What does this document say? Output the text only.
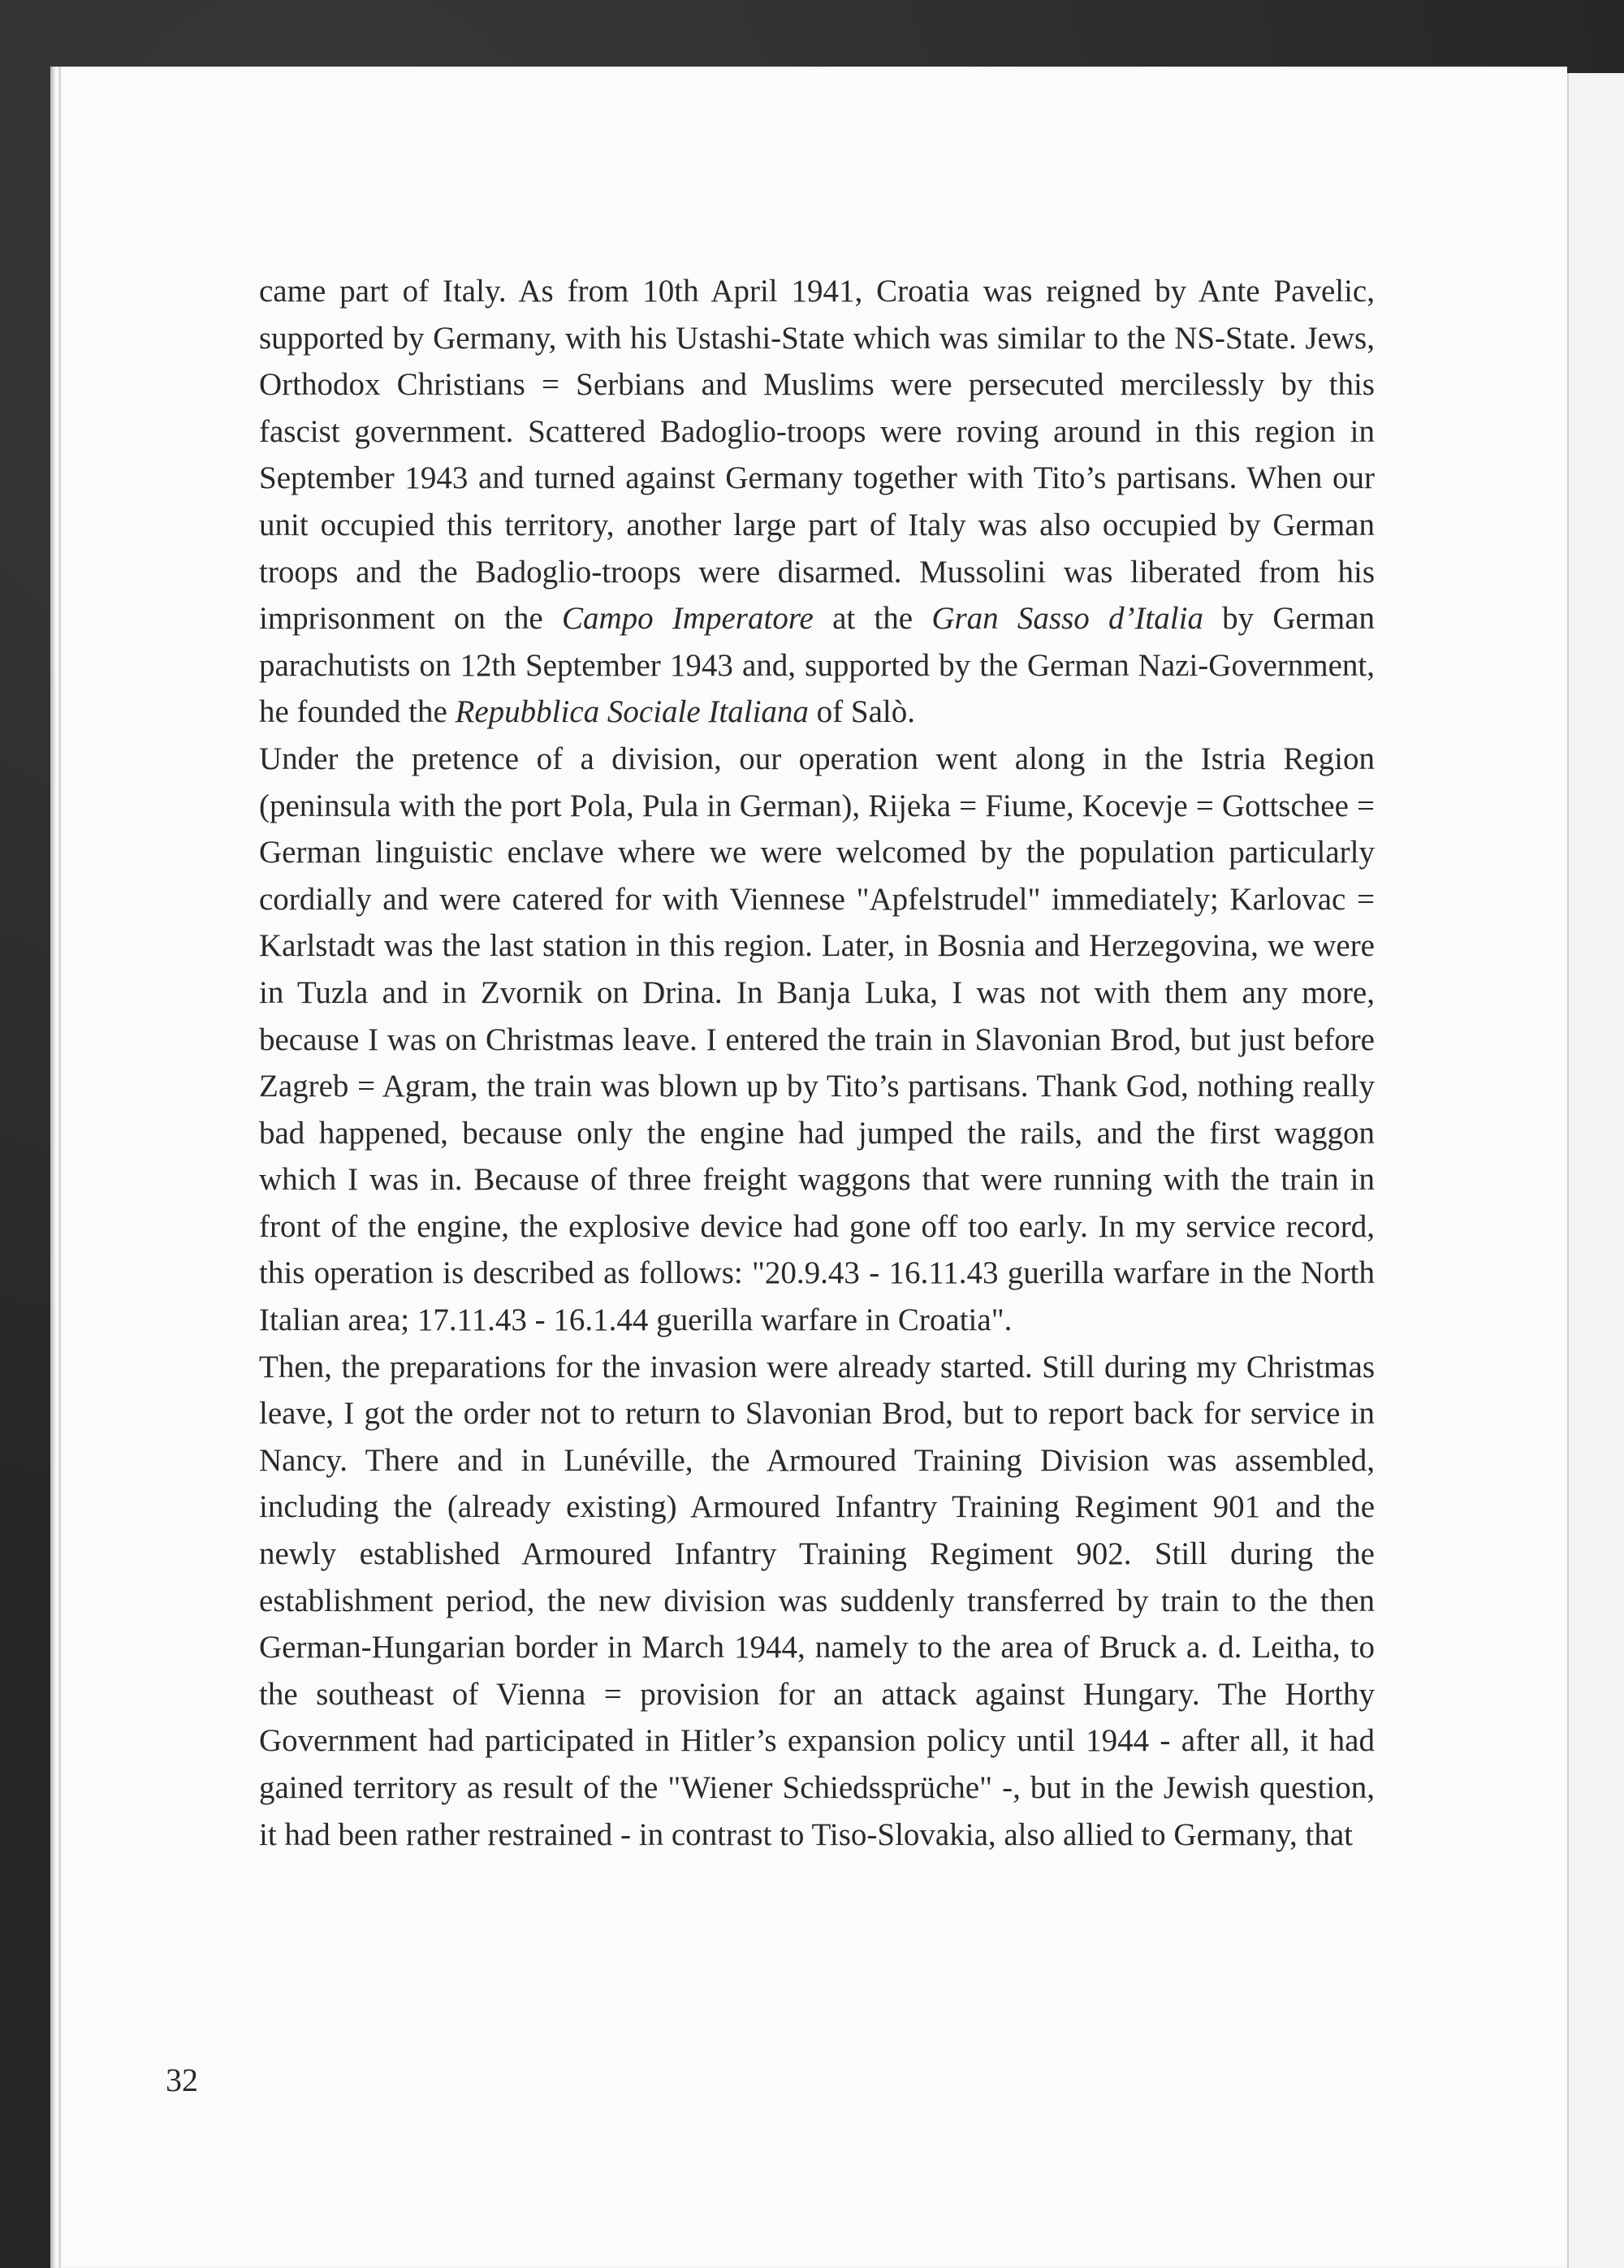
came part of Italy. As from 10th April 1941, Croatia was reigned by Ante Pavelic, supported by Germany, with his Ustashi-State which was similar to the NS-State. Jews, Orthodox Christians = Serbians and Muslims were persecuted mercilessly by this fascist government. Scattered Badoglio-troops were roving around in this region in September 1943 and turned against Germany together with Tito’s partisans. When our unit occupied this territory, another large part of Italy was also occupied by German troops and the Badoglio-troops were disarmed. Mussolini was liberated from his imprisonment on the Campo Imperatore at the Gran Sasso d’Italia by German parachutists on 12th September 1943 and, supported by the German Nazi-Government, he founded the Repubblica Sociale Italiana of Salò.

Under the pretence of a division, our operation went along in the Istria Region (peninsula with the port Pola, Pula in German), Rijeka = Fiume, Kocevje = Gottschee = German linguistic enclave where we were welcomed by the population particularly cordially and were catered for with Viennese "Apfelstrudel" immediately; Karlovac = Karlstadt was the last station in this region. Later, in Bosnia and Herzegovina, we were in Tuzla and in Zvornik on Drina. In Banja Luka, I was not with them any more, because I was on Christmas leave. I entered the train in Slavonian Brod, but just before Zagreb = Agram, the train was blown up by Tito’s partisans. Thank God, nothing really bad happened, because only the engine had jumped the rails, and the first waggon which I was in. Because of three freight waggons that were running with the train in front of the engine, the explosive device had gone off too early. In my service record, this operation is described as follows: "20.9.43 - 16.11.43 guerilla warfare in the North Italian area; 17.11.43 - 16.1.44 guerilla warfare in Croatia".

Then, the preparations for the invasion were already started. Still during my Christmas leave, I got the order not to return to Slavonian Brod, but to report back for service in Nancy. There and in Lunéville, the Armoured Training Division was assembled, including the (already existing) Armoured Infantry Training Regiment 901 and the newly established Armoured Infantry Training Regiment 902. Still during the establishment period, the new division was suddenly transferred by train to the then German-Hungarian border in March 1944, namely to the area of Bruck a. d. Leitha, to the southeast of Vienna = provision for an attack against Hungary. The Horthy Government had participated in Hitler’s expansion policy until 1944 - after all, it had gained territory as result of the "Wiener Schiedssprüche" -, but in the Jewish question, it had been rather restrained - in contrast to Tiso-Slovakia, also allied to Germany, that

32
